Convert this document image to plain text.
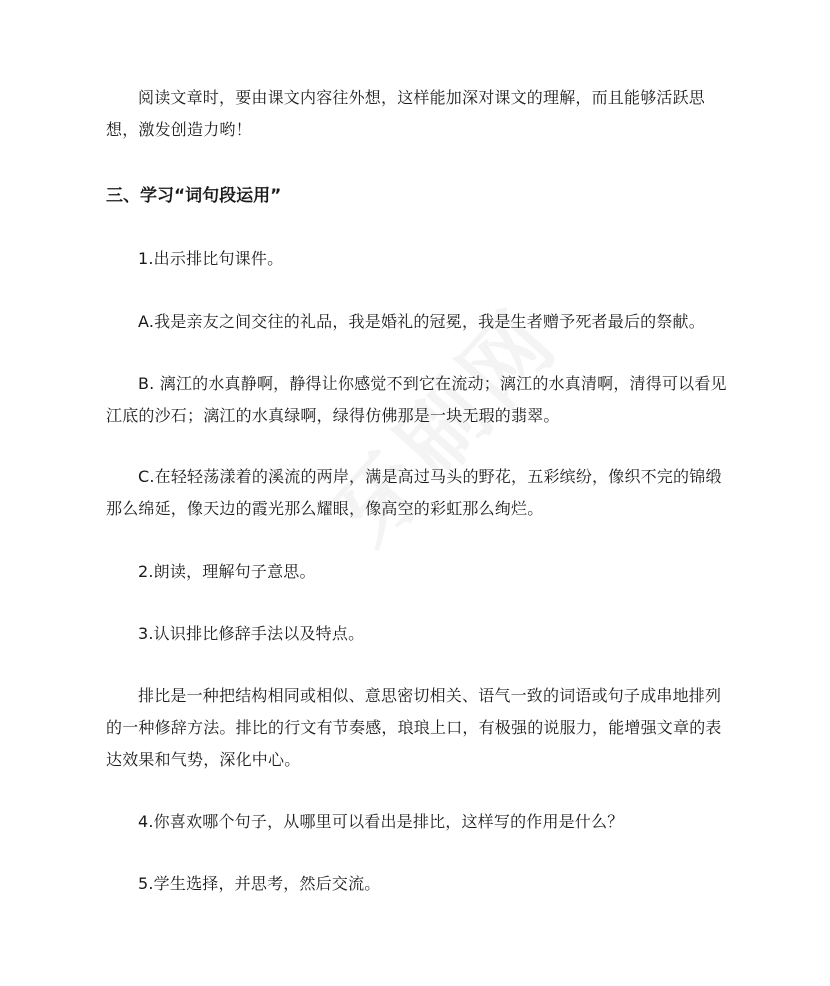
阅读文章时，要由课文内容往外想，这样能加深对课文的理解，而且能够活跃思想，激发创造力哟！

三、学习“词句段运用”

1.出示排比句课件。

A.我是亲友之间交往的礼品，我是婚礼的冠冕，我是生者赠予死者最后的祭献。

B. 漓江的水真静啊，静得让你感觉不到它在流动；漓江的水真清啊，清得可以看见江底的沙石；漓江的水真绿啊，绿得仿佛那是一块无瑕的翡翠。

C.在轻轻荡漾着的溪流的两岸，满是高过马头的野花，五彩缤纷，像织不完的锦缎那么绵延，像天边的霞光那么耀眼，像高空的彩虹那么绚烂。

2.朗读，理解句子意思。

3.认识排比修辞手法以及特点。

排比是一种把结构相同或相似、意思密切相关、语气一致的词语或句子成串地排列的一种修辞方法。排比的行文有节奏感，琅琅上口，有极强的说服力，能增强文章的表达效果和气势，深化中心。

4.你喜欢哪个句子，从哪里可以看出是排比，这样写的作用是什么？

5.学生选择，并思考，然后交流。
